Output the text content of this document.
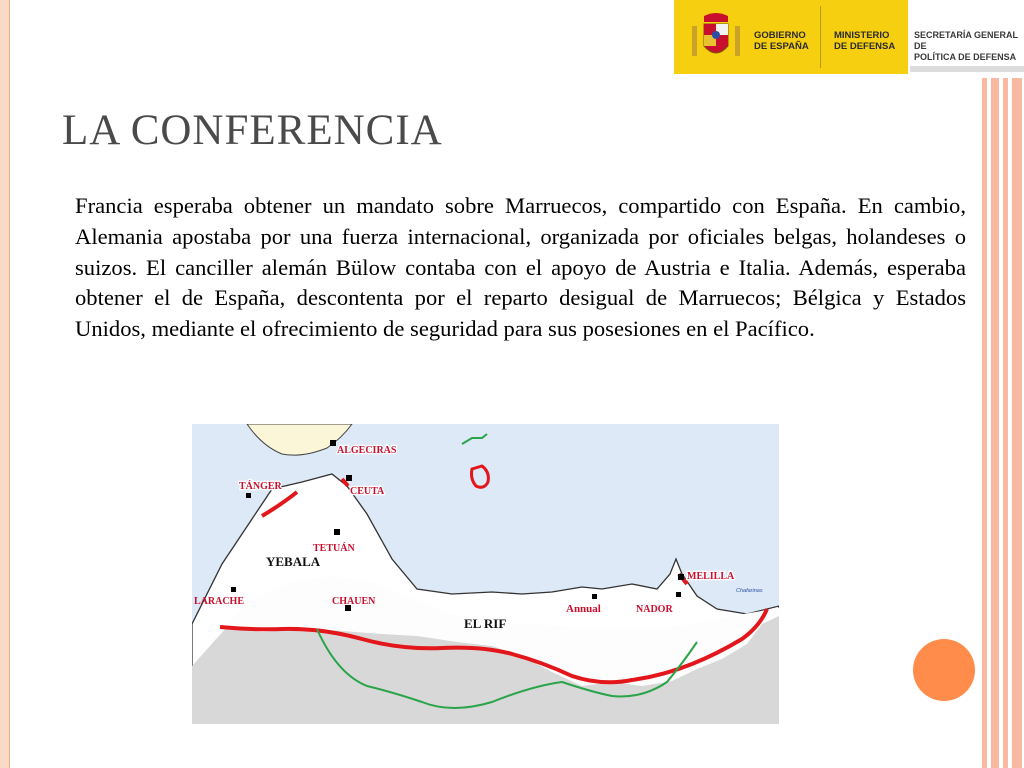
GOBIERNO
DE ESPAÑA
MINISTERIO
DE DEFENSA
SECRETARÍA GENERAL DE
POLÍTICA DE DEFENSA
LA CONFERENCIA

Francia esperaba obtener un mandato sobre Marruecos, compartido con España. En cambio, Alemania apostaba por una fuerza internacional, organizada por oficiales belgas, holandeses o suizos. El canciller alemán Bülow contaba con el apoyo de Austria e Italia. Además, esperaba obtener el de España, descontenta por el reparto desigual de Marruecos; Bélgica y Estados Unidos, mediante el ofrecimiento de seguridad para sus posesiones en el Pacífico.

ALGECIRAS
TÁNGER	CEUTA
TETUÁN
YEBALA
LARACHE	CHAUEN
EL RIF
Annual
MELILLA
NADOR
Chafarinas
